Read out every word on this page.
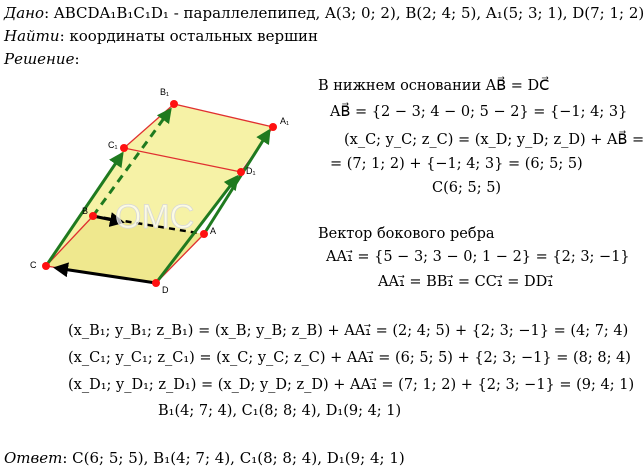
Дано: ABCDA₁B₁C₁D₁ - параллелепипед, A(3; 0; 2), B(2; 4; 5), A₁(5; 3; 1), D(7; 1; 2)
Найти: координаты остальных вершин
Решение:
ОМС
C
D
A
B
C₁
D₁
A₁
B₁	В нижнем основании AB⃗ = DC⃗
AB⃗ = {2 − 3; 4 − 0; 5 − 2} = {−1; 4; 3}
(x_C; y_C; z_C) = (x_D; y_D; z_D) + AB⃗ =
= (7; 1; 2) + {−1; 4; 3} = (6; 5; 5)
C(6; 5; 5)
Вектор бокового ребра
AA₁⃗ = {5 − 3; 3 − 0; 1 − 2} = {2; 3; −1}
AA₁⃗ = BB₁⃗ = CC₁⃗ = DD₁⃗
(x_B₁; y_B₁; z_B₁) = (x_B; y_B; z_B) + AA₁⃗ = (2; 4; 5) + {2; 3; −1} = (4; 7; 4)
(x_C₁; y_C₁; z_C₁) = (x_C; y_C; z_C) + AA₁⃗ = (6; 5; 5) + {2; 3; −1} = (8; 8; 4)
(x_D₁; y_D₁; z_D₁) = (x_D; y_D; z_D) + AA₁⃗ = (7; 1; 2) + {2; 3; −1} = (9; 4; 1)
B₁(4; 7; 4), C₁(8; 8; 4), D₁(9; 4; 1)
Ответ: C(6; 5; 5), B₁(4; 7; 4), C₁(8; 8; 4), D₁(9; 4; 1)
